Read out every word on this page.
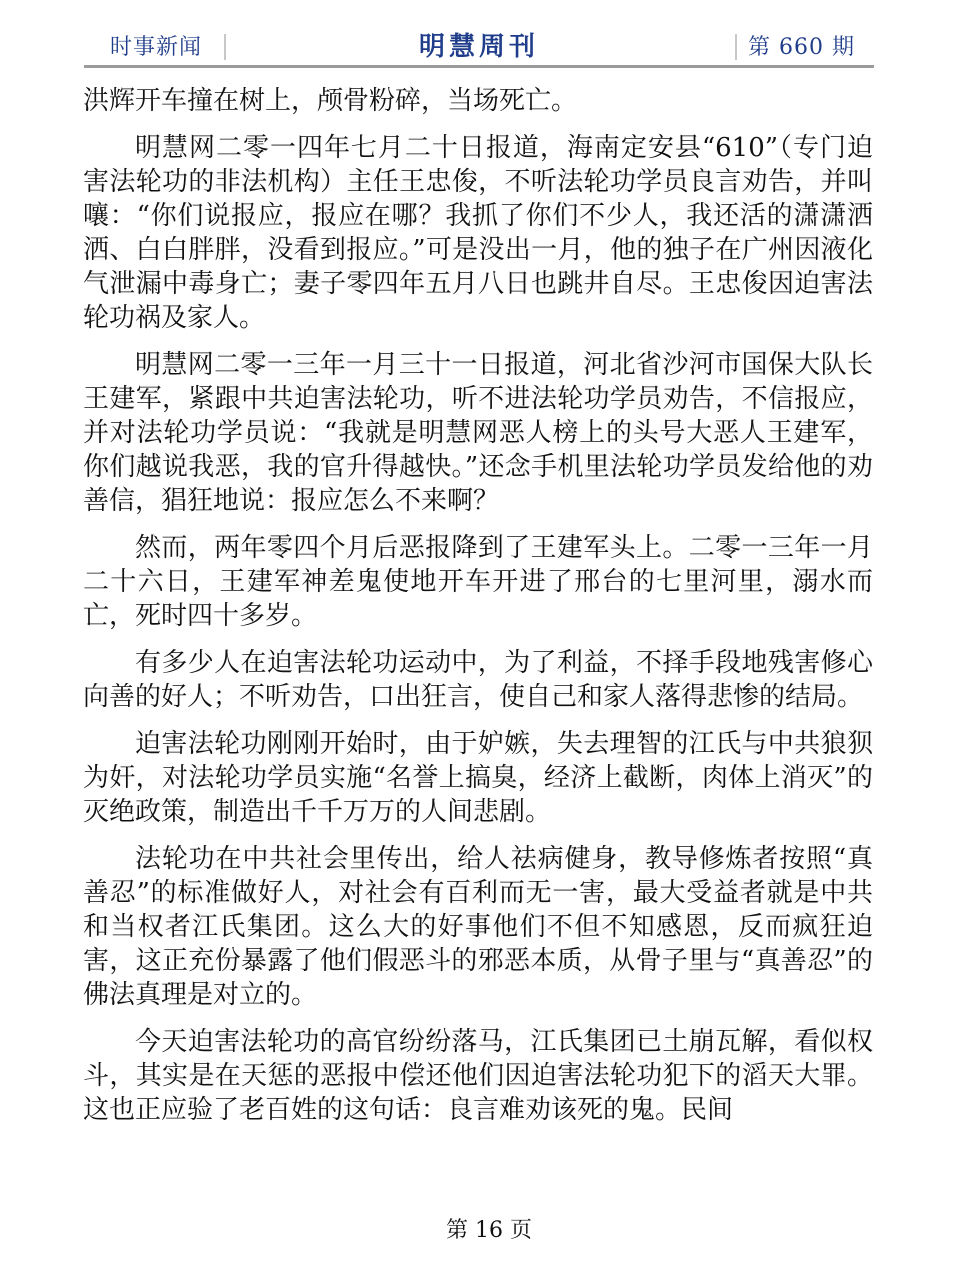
时事新闻	明慧周刊	第 660 期

洪辉开车撞在树上，颅骨粉碎，当场死亡。

明慧网二零一四年七月二十日报道，海南定安县“610”（专门迫害法轮功的非法机构）主任王忠俊，不听法轮功学员良言劝告，并叫嚷：“你们说报应，报应在哪？我抓了你们不少人，我还活的潇潇洒洒、白白胖胖，没看到报应。”可是没出一月，他的独子在广州因液化气泄漏中毒身亡；妻子零四年五月八日也跳井自尽。王忠俊因迫害法轮功祸及家人。

明慧网二零一三年一月三十一日报道，河北省沙河市国保大队长王建军，紧跟中共迫害法轮功，听不进法轮功学员劝告，不信报应，并对法轮功学员说：“我就是明慧网恶人榜上的头号大恶人王建军，你们越说我恶，我的官升得越快。”还念手机里法轮功学员发给他的劝善信，猖狂地说：报应怎么不来啊？

然而，两年零四个月后恶报降到了王建军头上。二零一三年一月二十六日，王建军神差鬼使地开车开进了邢台的七里河里，溺水而亡，死时四十多岁。

有多少人在迫害法轮功运动中，为了利益，不择手段地残害修心向善的好人；不听劝告，口出狂言，使自己和家人落得悲惨的结局。

迫害法轮功刚刚开始时，由于妒嫉，失去理智的江氏与中共狼狈为奸，对法轮功学员实施“名誉上搞臭，经济上截断，肉体上消灭”的灭绝政策，制造出千千万万的人间悲剧。

法轮功在中共社会里传出，给人祛病健身，教导修炼者按照“真善忍”的标准做好人，对社会有百利而无一害，最大受益者就是中共和当权者江氏集团。这么大的好事他们不但不知感恩，反而疯狂迫害，这正充份暴露了他们假恶斗的邪恶本质，从骨子里与“真善忍”的佛法真理是对立的。

今天迫害法轮功的高官纷纷落马，江氏集团已土崩瓦解，看似权斗，其实是在天惩的恶报中偿还他们因迫害法轮功犯下的滔天大罪。这也正应验了老百姓的这句话：良言难劝该死的鬼。民间

第 16 页
